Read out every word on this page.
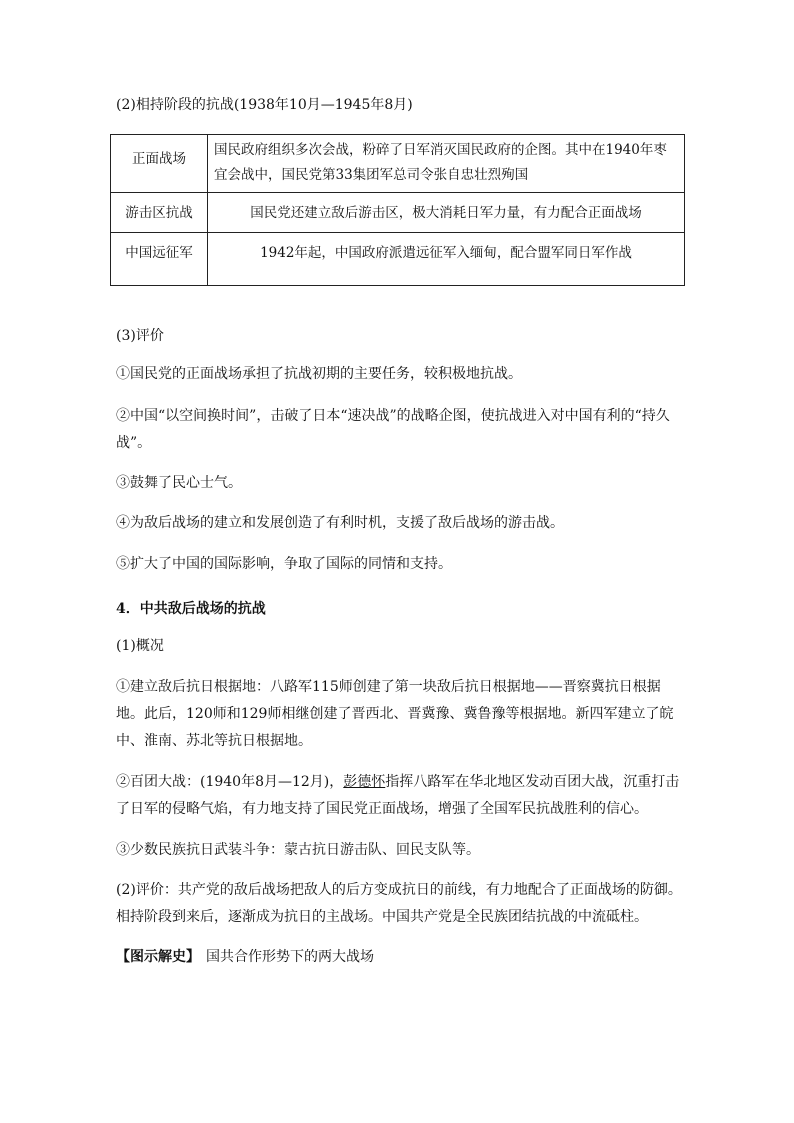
(2)相持阶段的抗战(1938年10月—1945年8月)

正面战场	国民政府组织多次会战，粉碎了日军消灭国民政府的企图。其中在1940年枣宜会战中，国民党第33集团军总司令张自忠壮烈殉国
游击区抗战	国民党还建立敌后游击区，极大消耗日军力量，有力配合正面战场
中国远征军	1942年起，中国政府派遣远征军入缅甸，配合盟军同日军作战

(3)评价

①国民党的正面战场承担了抗战初期的主要任务，较积极地抗战。

②中国“以空间换时间”，击破了日本“速决战”的战略企图，使抗战进入对中国有利的“持久战”。

③鼓舞了民心士气。

④为敌后战场的建立和发展创造了有利时机，支援了敌后战场的游击战。

⑤扩大了中国的国际影响，争取了国际的同情和支持。

4．中共敌后战场的抗战

(1)概况

①建立敌后抗日根据地：八路军115师创建了第一块敌后抗日根据地——晋察冀抗日根据地。此后，120师和129师相继创建了晋西北、晋冀豫、冀鲁豫等根据地。新四军建立了皖中、淮南、苏北等抗日根据地。

②百团大战：(1940年8月—12月)，彭德怀指挥八路军在华北地区发动百团大战，沉重打击了日军的侵略气焰，有力地支持了国民党正面战场，增强了全国军民抗战胜利的信心。

③少数民族抗日武装斗争：蒙古抗日游击队、回民支队等。

(2)评价：共产党的敌后战场把敌人的后方变成抗日的前线，有力地配合了正面战场的防御。相持阶段到来后，逐渐成为抗日的主战场。中国共产党是全民族团结抗战的中流砥柱。

【图示解史】 国共合作形势下的两大战场
